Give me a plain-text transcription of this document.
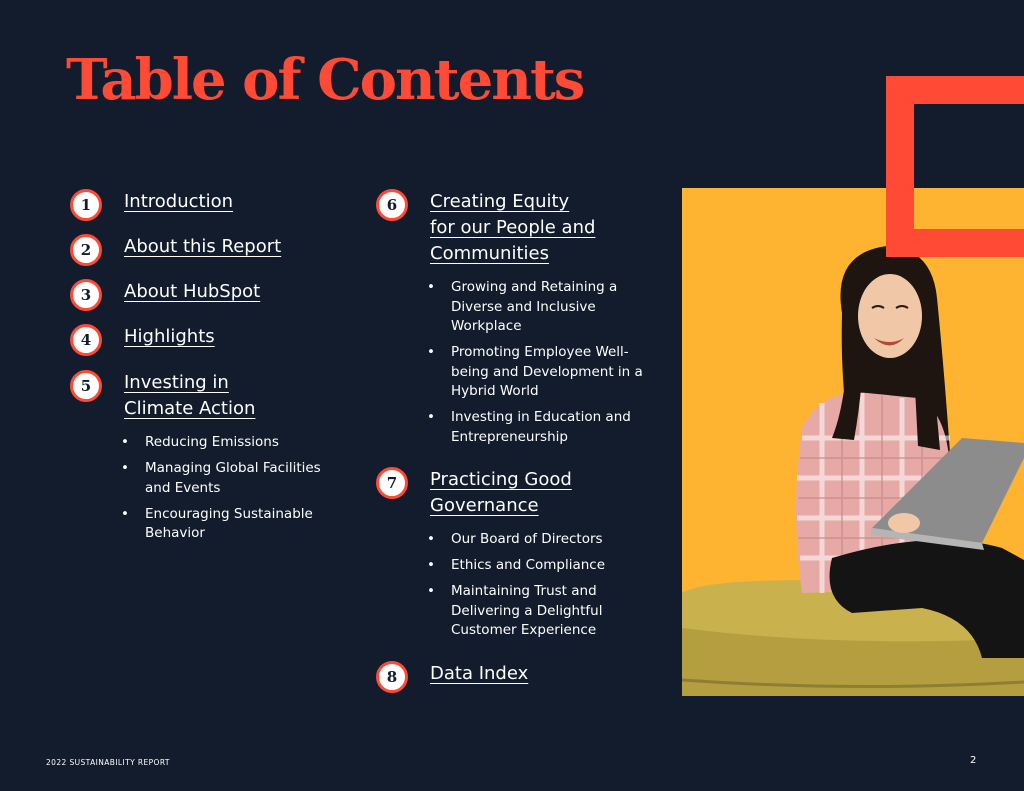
Table of Contents
1	Introduction
2	About this Report
3	About HubSpot
4	Highlights
5	Investing in
Climate Action
• Reducing Emissions
• Managing Global Facilities
and Events
• Encouraging Sustainable
Behavior
6	Creating Equity
for our People and
Communities
• Growing and Retaining a
Diverse and Inclusive
Workplace
• Promoting Employee Well-
being and Development in a
Hybrid World
• Investing in Education and
Entrepreneurship
7	Practicing Good
Governance
• Our Board of Directors
• Ethics and Compliance
• Maintaining Trust and
Delivering a Delightful
Customer Experience
8	Data Index
2022 SUSTAINABILITY REPORT	2
